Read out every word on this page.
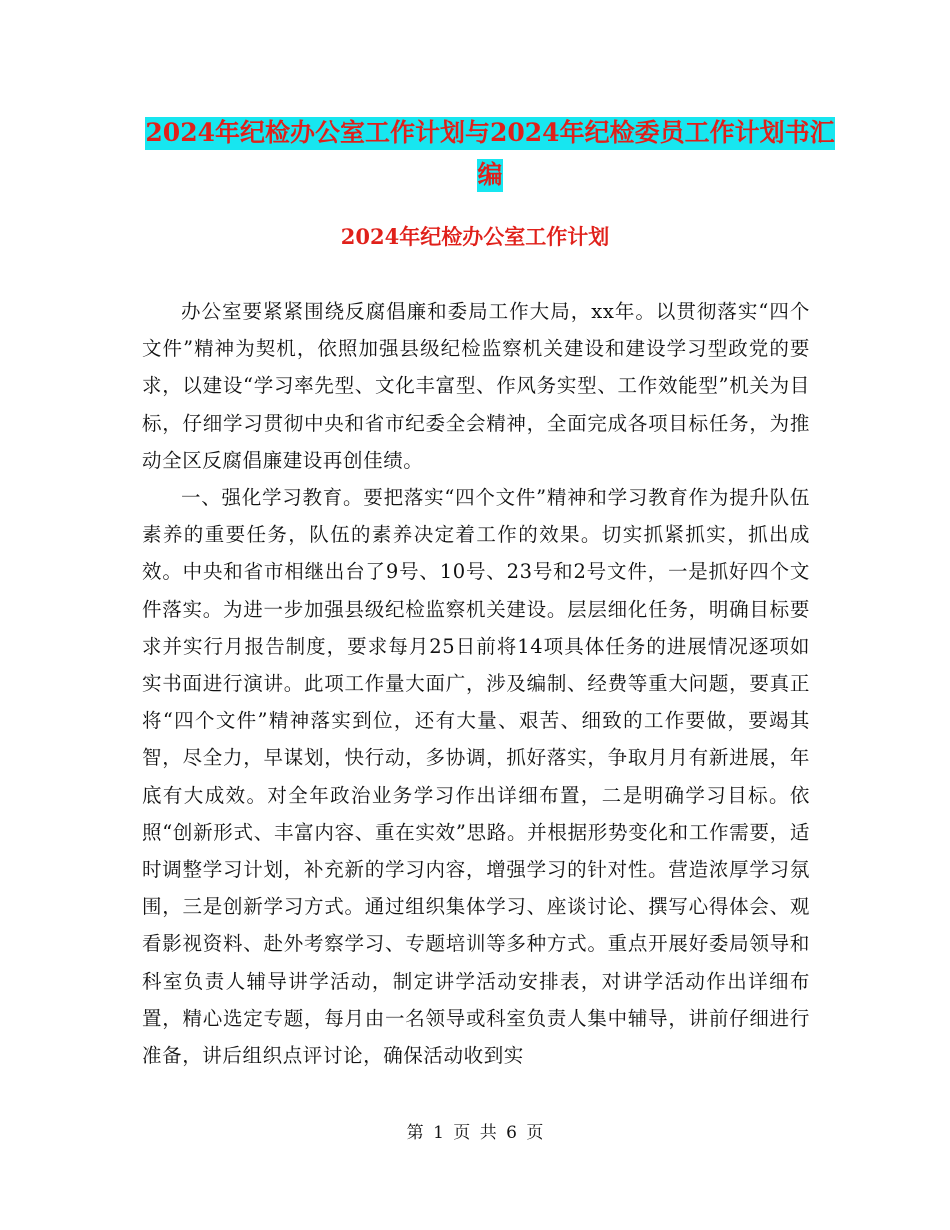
2024年纪检办公室工作计划与2024年纪检委员工作计划书汇编
2024年纪检办公室工作计划

办公室要紧紧围绕反腐倡廉和委局工作大局，xx年。以贯彻落实“四个文件”精神为契机，依照加强县级纪检监察机关建设和建设学习型政党的要求，以建设“学习率先型、文化丰富型、作风务实型、工作效能型”机关为目标，仔细学习贯彻中央和省市纪委全会精神，全面完成各项目标任务，为推动全区反腐倡廉建设再创佳绩。

一、强化学习教育。要把落实“四个文件”精神和学习教育作为提升队伍素养的重要任务，队伍的素养决定着工作的效果。切实抓紧抓实，抓出成效。中央和省市相继出台了9号、10号、23号和2号文件，一是抓好四个文件落实。为进一步加强县级纪检监察机关建设。层层细化任务，明确目标要求并实行月报告制度，要求每月25日前将14项具体任务的进展情况逐项如实书面进行演讲。此项工作量大面广，涉及编制、经费等重大问题，要真正将“四个文件”精神落实到位，还有大量、艰苦、细致的工作要做，要竭其智，尽全力，早谋划，快行动，多协调，抓好落实，争取月月有新进展，年底有大成效。对全年政治业务学习作出详细布置，二是明确学习目标。依照“创新形式、丰富内容、重在实效”思路。并根据形势变化和工作需要，适时调整学习计划，补充新的学习内容，增强学习的针对性。营造浓厚学习氛围，三是创新学习方式。通过组织集体学习、座谈讨论、撰写心得体会、观看影视资料、赴外考察学习、专题培训等多种方式。重点开展好委局领导和科室负责人辅导讲学活动，制定讲学活动安排表，对讲学活动作出详细布置，精心选定专题，每月由一名领导或科室负责人集中辅导，讲前仔细进行准备，讲后组织点评讨论，确保活动收到实

第 1 页 共 6 页
